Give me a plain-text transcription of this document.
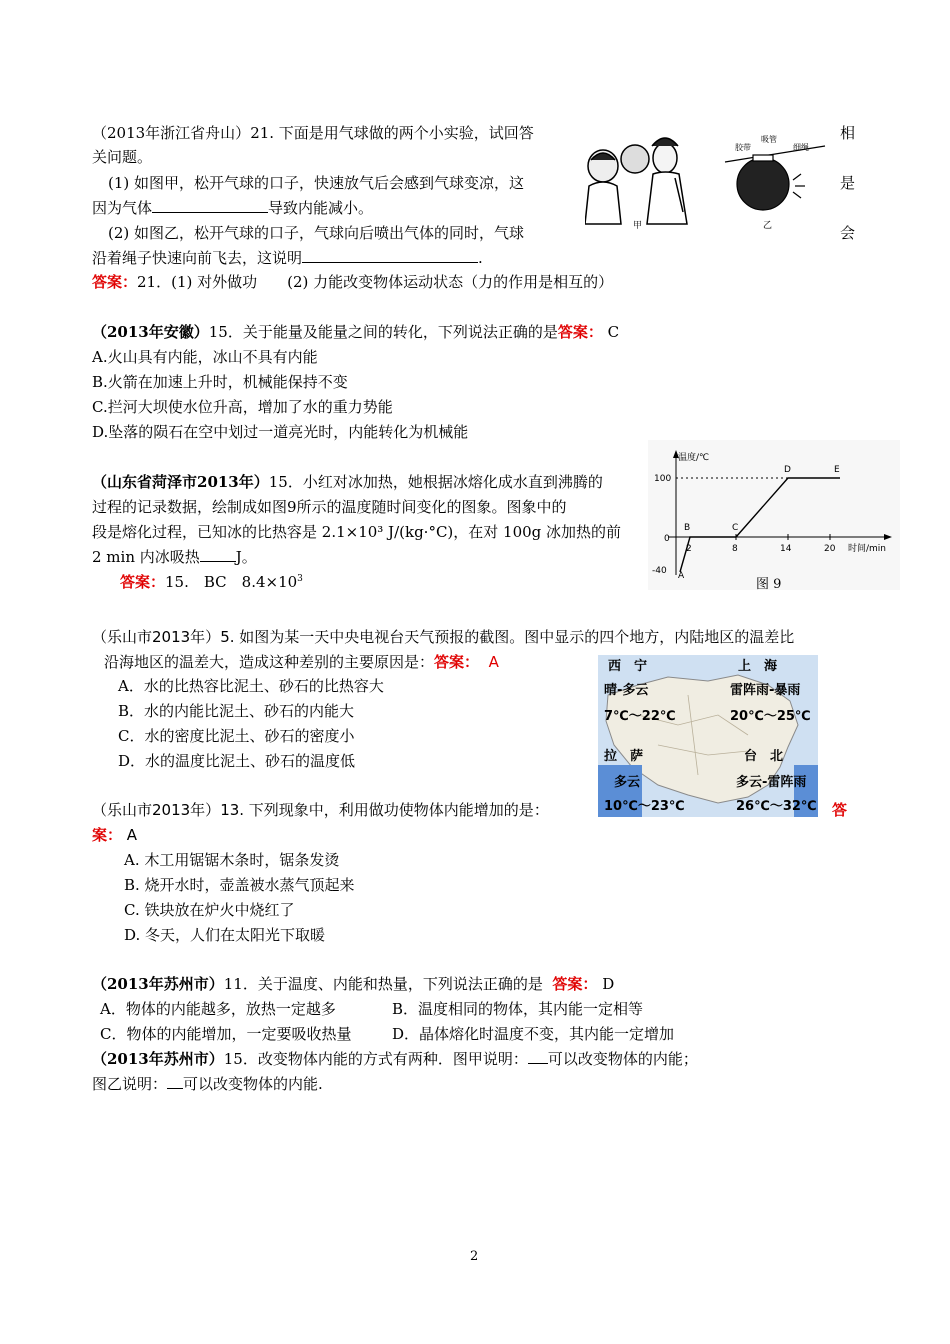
（2013年浙江省舟山）21. 下面是用气球做的两个小实验，试回答
关问题。
(1) 如图甲，松开气球的口子，快速放气后会感到气球变凉，这
因为气体	导致内能减小。
(2) 如图乙，松开气球的口子，气球向后喷出气体的同时，气球
沿着绳子快速向前飞去，这说明	.
相
是
会
答案：21．(1) 对外做功　　(2) 力能改变物体运动状态（力的作用是相互的）
甲
胶带
吸管
细绳
乙
（2013年安徽）15．关于能量及能量之间的转化，下列说法正确的是答案： C
A.火山具有内能，冰山不具有内能
B.火箭在加速上升时，机械能保持不变
C.拦河大坝使水位升高，增加了水的重力势能
D.坠落的陨石在空中划过一道亮光时，内能转化为机械能
（山东省菏泽市2013年）15．小红对冰加热，她根据冰熔化成水直到沸腾的
过程的记录数据，绘制成如图9所示的温度随时间变化的图象。图象中的
段是熔化过程，已知冰的比热容是 2.1×10³ J/(kg·°C)，在对 100g 冰加热的前
2 min 内冰吸热 J。
答案：15.　BC　$8.4\times 10^3$
温度/℃
时间/min
100
0
-40
2	8	14	20
A
B	C
D	E
图 9
（乐山市2013年）5. 如图为某一天中央电视台天气预报的截图。图中显示的四个地方，内陆地区的温差比
沿海地区的温差大，造成这种差别的主要原因是：答案： A
A．水的比热容比泥土、砂石的比热容大
B．水的内能比泥土、砂石的内能大
C．水的密度比泥土、砂石的密度小
D．水的温度比泥土、砂石的温度低
西　宁
晴-多云
7℃～22℃
上　海
雷阵雨-暴雨
20℃～25℃
拉　萨
多云
10℃～23℃
台　北
多云-雷阵雨
26℃～32℃
（乐山市2013年）13. 下列现象中，利用做功使物体内能增加的是：	答
案： A
A. 木工用锯锯木条时，锯条发烫
B. 烧开水时，壶盖被水蒸气顶起来
C. 铁块放在炉火中烧红了
D. 冬天，人们在太阳光下取暖
（2013年苏州市）11．关于温度、内能和热量，下列说法正确的是 答案： D
A．物体的内能越多，放热一定越多	B．温度相同的物体，其内能一定相等
C．物体的内能增加，一定要吸收热量	D．晶体熔化时温度不变，其内能一定增加
（2013年苏州市）15．改变物体内能的方式有两种．图甲说明： 可以改变物体的内能；
图乙说明： 可以改变物体的内能.
2
